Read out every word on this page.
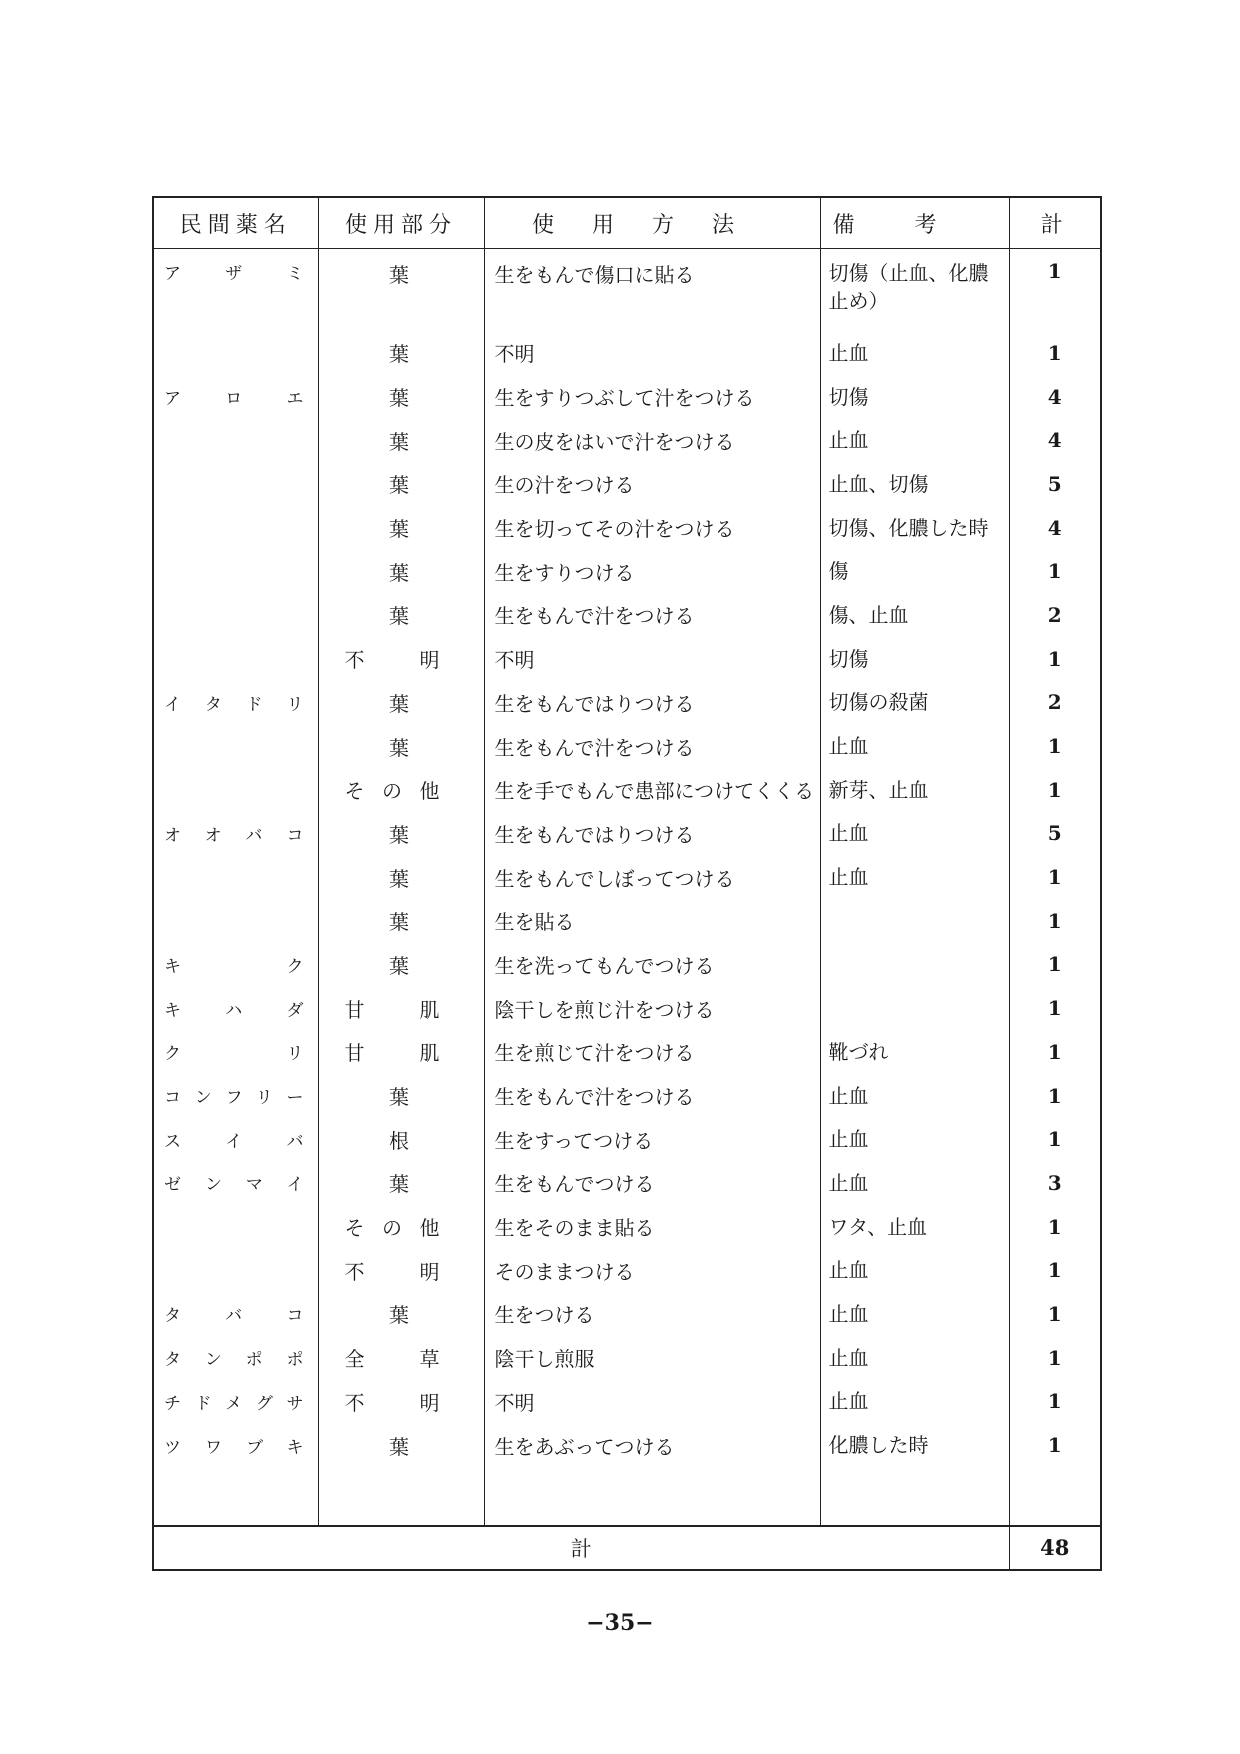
民間薬名	使用部分	使用方法	備考	計
アザミ	葉	生をもんで傷口に貼る	切傷（止血、化膿止め）	1
	葉	不明	止血	1
アロエ	葉	生をすりつぶして汁をつける	切傷	4
	葉	生の皮をはいで汁をつける	止血	4
	葉	生の汁をつける	止血、切傷	5
	葉	生を切ってその汁をつける	切傷、化膿した時	4
	葉	生をすりつける	傷	1
	葉	生をもんで汁をつける	傷、止血	2
	不明	不明	切傷	1
イタドリ	葉	生をもんではりつける	切傷の殺菌	2
	葉	生をもんで汁をつける	止血	1
	その他	生を手でもんで患部につけてくくる	新芽、止血	1
オオバコ	葉	生をもんではりつける	止血	5
	葉	生をもんでしぼってつける	止血	1
	葉	生を貼る		1
キク	葉	生を洗ってもんでつける		1
キハダ	甘肌	陰干しを煎じ汁をつける		1
クリ	甘肌	生を煎じて汁をつける	靴づれ	1
コンフリー	葉	生をもんで汁をつける	止血	1
スイバ	根	生をすってつける	止血	1
ゼンマイ	葉	生をもんでつける	止血	3
	その他	生をそのまま貼る	ワタ、止血	1
	不明	そのままつける	止血	1
タバコ	葉	生をつける	止血	1
タンポポ	全草	陰干し煎服	止血	1
チドメグサ	不明	不明	止血	1
ツワブキ	葉	生をあぶってつける	化膿した時	1

計				48
−35−
